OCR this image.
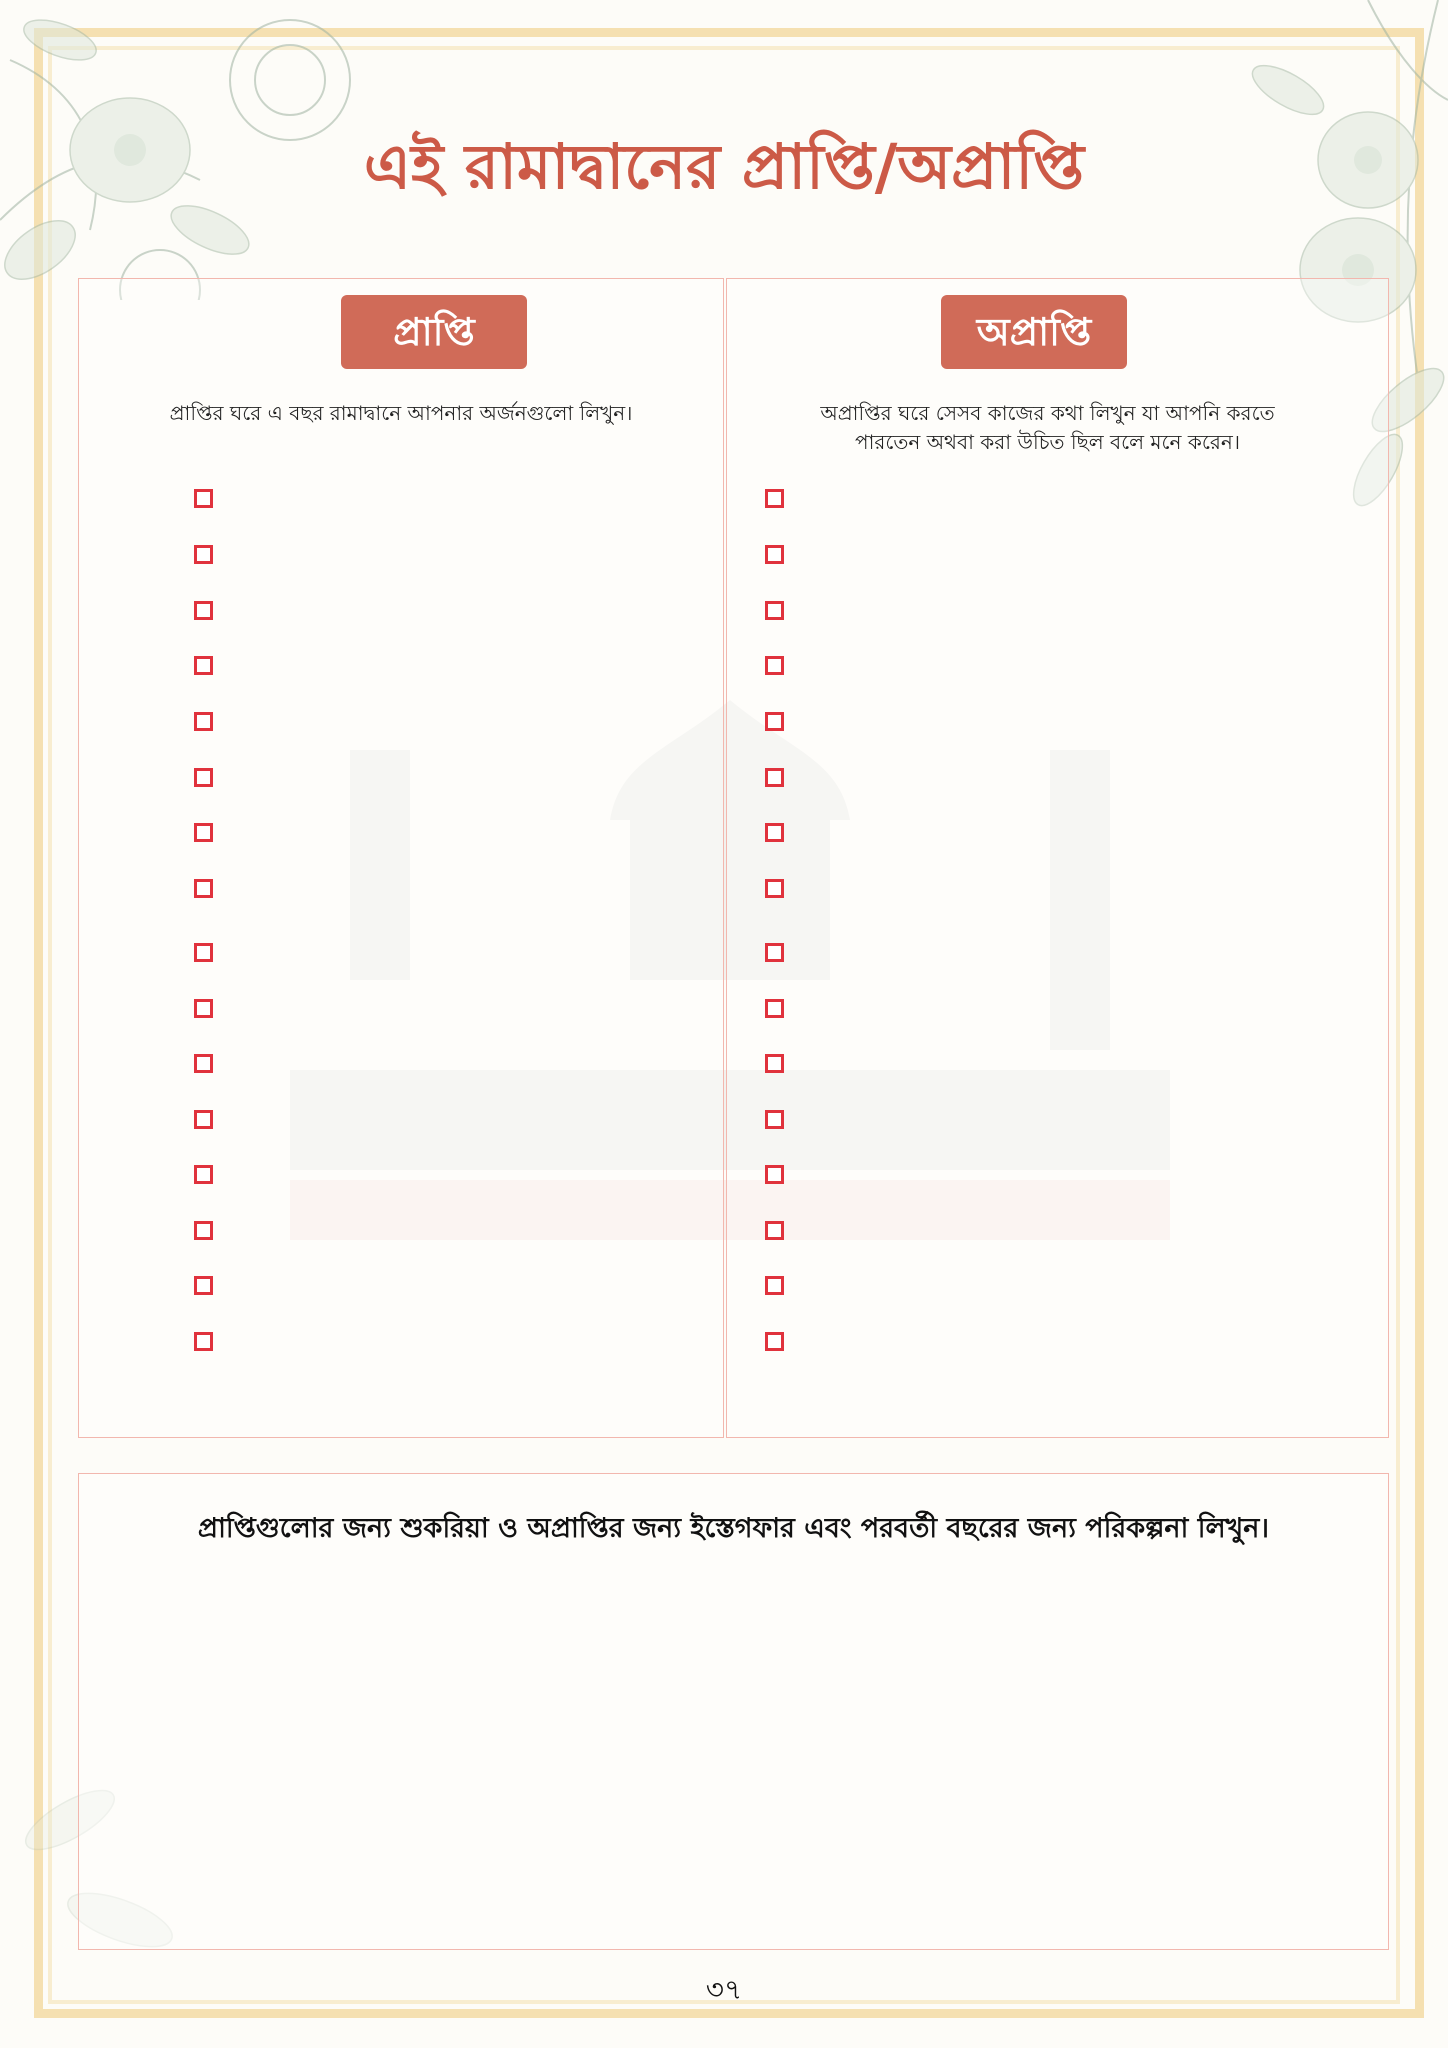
এই রামাদ্বানের প্রাপ্তি/অপ্রাপ্তি
প্রাপ্তি

প্রাপ্তির ঘরে এ বছর রামাদ্বানে আপনার অর্জনগুলো লিখুন।

অপ্রাপ্তি

অপ্রাপ্তির ঘরে সেসব কাজের কথা লিখুন যা আপনি করতে পারতেন অথবা করা উচিত ছিল বলে মনে করেন।

প্রাপ্তিগুলোর জন্য শুকরিয়া ও অপ্রাপ্তির জন্য ইস্তেগফার এবং পরবর্তী বছরের জন্য পরিকল্পনা লিখুন।

৩৭
